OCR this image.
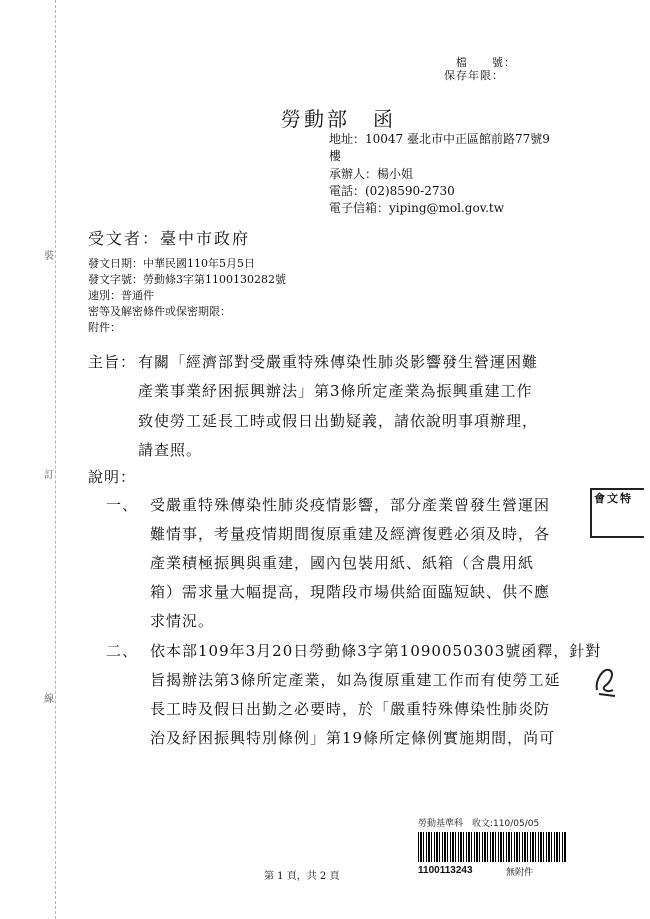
裝
訂
線
檔　　號：
保存年限：
勞動部　函
地址：10047 臺北市中正區館前路77號9
樓
承辦人：楊小姐
電話：(02)8590-2730
電子信箱：yiping@mol.gov.tw
受文者：臺中市政府
發文日期：中華民國110年5月5日
發文字號：勞動條3字第1100130282號
速別：普通件
密等及解密條件或保密期限：
附件：
主旨： 有關「經濟部對受嚴重特殊傳染性肺炎影響發生營運困難
產業事業紓困振興辦法」第3條所定產業為振興重建工作
致使勞工延長工時或假日出勤疑義，請依說明事項辦理，
請查照。
說明：
一、 受嚴重特殊傳染性肺炎疫情影響，部分產業曾發生營運困
難情事，考量疫情期間復原重建及經濟復甦必須及時，各
產業積極振興與重建，國內包裝用紙、紙箱（含農用紙
箱）需求量大幅提高，現階段市場供給面臨短缺、供不應
求情況。
二、 依本部109年3月20日勞動條3字第1090050303號函釋，針對
旨揭辦法第3條所定產業，如為復原重建工作而有使勞工延
長工時及假日出勤之必要時，於「嚴重特殊傳染性肺炎防
治及紓困振興特別條例」第19條所定條例實施期間，尚可
會文特
勞動基準科　收文:110/05/05
1100113243	無附件
第 1 頁，共 2 頁
